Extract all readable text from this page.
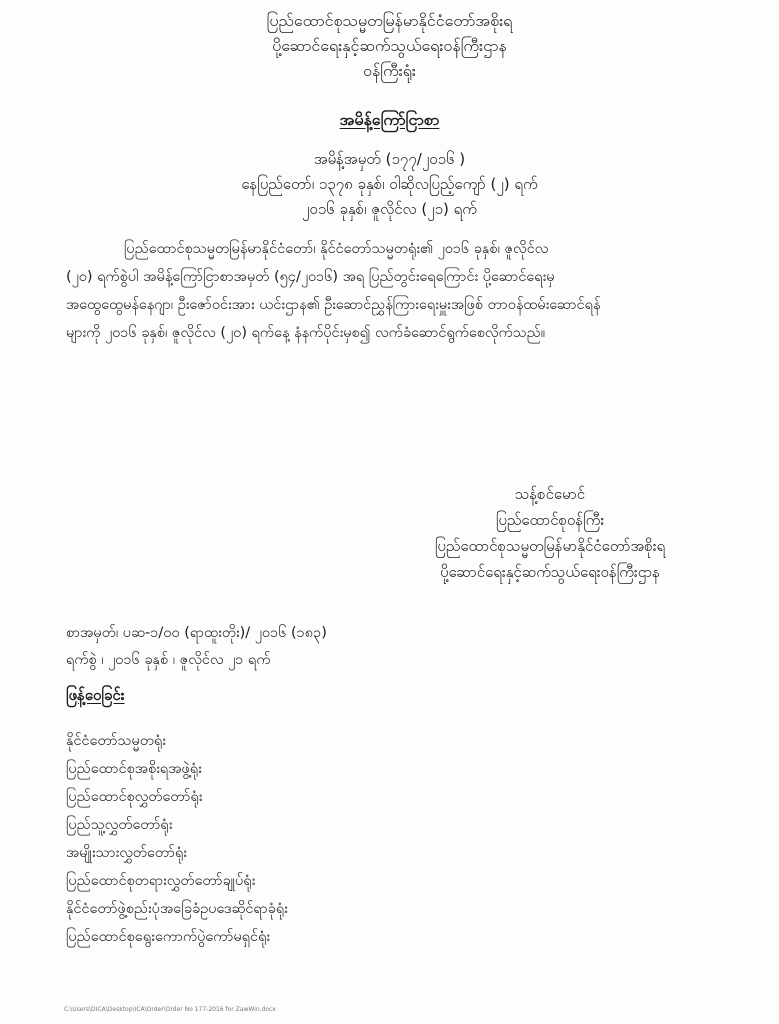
ပြည်ထောင်စုသမ္မတမြန်မာနိုင်ငံတော်အစိုးရ
ပို့ဆောင်ရေးနှင့်ဆက်သွယ်ရေးဝန်ကြီးဌာန
ဝန်ကြီးရုံး
အမိန့်ကြော်ငြာစာ
အမိန့်အမှတ် (၁၇၇/၂၀၁၆ )
နေပြည်တော်၊ ၁၃၇၈ ခုနှစ်၊ ဝါဆိုလပြည့်ကျော် (၂) ရက်
၂၀၁၆ ခုနှစ်၊ ဇူလိုင်လ (၂၁) ရက်
ပြည်ထောင်စုသမ္မတမြန်မာနိုင်ငံတော်၊ နိုင်ငံတော်သမ္မတရုံး၏ ၂၀၁၆ ခုနှစ်၊ ဇူလိုင်လ
(၂၀) ရက်စွဲပါ အမိန့်ကြော်ငြာစာအမှတ် (၅၄/၂၀၁၆) အရ ပြည်တွင်းရေကြောင်း ပို့ဆောင်ရေးမှ
အထွေထွေမန်နေဂျာ၊ ဦးဇော်ဝင်းအား ယင်းဌာန၏ ဦးဆောင်ညွှန်ကြားရေးမှူးအဖြစ် တာဝန်ထမ်းဆောင်ရန်
များကို ၂၀၁၆ ခုနှစ်၊ ဇူလိုင်လ (၂၀) ရက်နေ့ နံနက်ပိုင်းမှစ၍ လက်ခံဆောင်ရွက်စေလိုက်သည်။
သန့်စင်မောင်
ပြည်ထောင်စုဝန်ကြီး
ပြည်ထောင်စုသမ္မတမြန်မာနိုင်ငံတော်အစိုးရ
ပို့ဆောင်ရေးနှင့်ဆက်သွယ်ရေးဝန်ကြီးဌာန
စာအမှတ်၊ ပဆ-၁/၀ဝ (ရာထူးတိုး)/ ၂၀၁၆ (၁၈၃)
ရက်စွဲ ၊ ၂၀၁၆ ခုနှစ် ၊ ဇူလိုင်လ ၂၁ ရက်
ဖြန့်ဝေခြင်း
နိုင်ငံတော်သမ္မတရုံး
ပြည်ထောင်စုအစိုးရအဖွဲ့ရုံး
ပြည်ထောင်စုလွှတ်တော်ရုံး
ပြည်သူ့လွှတ်တော်ရုံး
အမျိုးသားလွှတ်တော်ရုံး
ပြည်ထောင်စုတရားလွှတ်တော်ချုပ်ရုံး
နိုင်ငံတော်ဖွဲ့စည်းပုံအခြေခံဥပဒေဆိုင်ရာခုံရုံး
ပြည်ထောင်စုရွေးကောက်ပွဲကော်မရှင်ရုံး
C:\Users\DICA\Desktop\ICA\Order\Order No 177-2016 for ZawWin.docx
